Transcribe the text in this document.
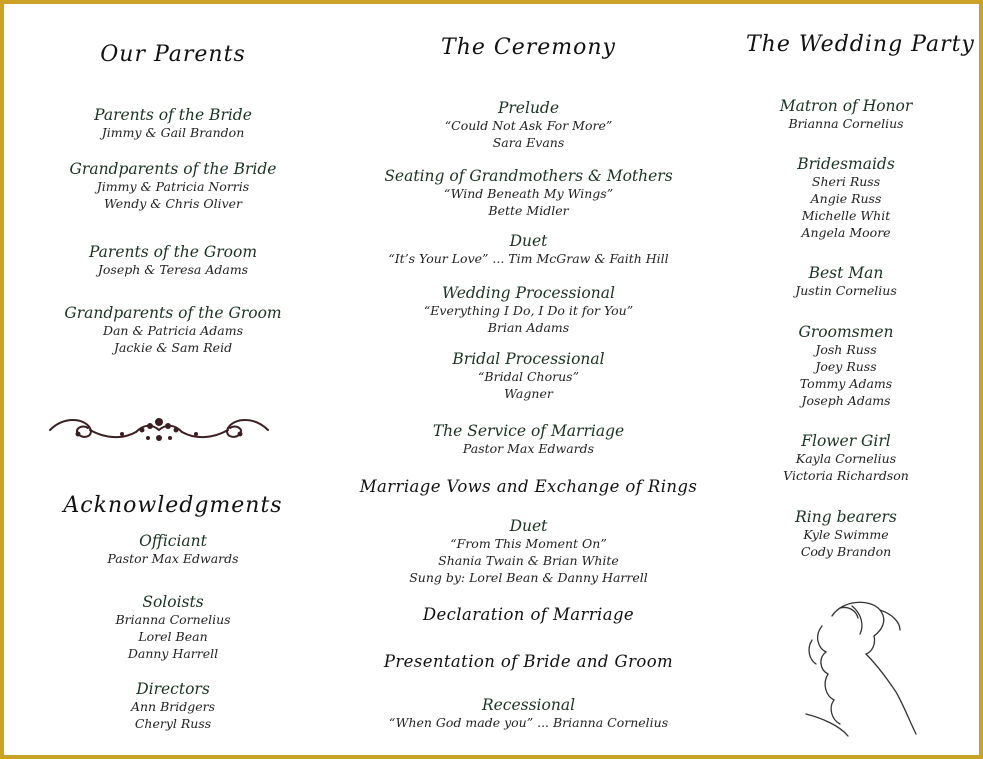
Our Parents
Parents of the Bride
Jimmy & Gail Brandon
Grandparents of the Bride
Jimmy & Patricia Norris
Wendy & Chris Oliver
Parents of the Groom
Joseph & Teresa Adams
Grandparents of the Groom
Dan & Patricia Adams
Jackie & Sam Reid
Acknowledgments
Officiant
Pastor Max Edwards
Soloists
Brianna Cornelius
Lorel Bean
Danny Harrell
Directors
Ann Bridgers
Cheryl Russ
The Ceremony
Prelude
“Could Not Ask For More”
Sara Evans
Seating of Grandmothers & Mothers
“Wind Beneath My Wings”
Bette Midler
Duet
“It’s Your Love” ... Tim McGraw & Faith Hill
Wedding Processional
“Everything I Do, I Do it for You”
Brian Adams
Bridal Processional
“Bridal Chorus”
Wagner
The Service of Marriage
Pastor Max Edwards
Marriage Vows and Exchange of Rings
Duet
“From This Moment On”
Shania Twain & Brian White
Sung by: Lorel Bean & Danny Harrell
Declaration of Marriage
Presentation of Bride and Groom
Recessional
“When God made you” ... Brianna Cornelius
The Wedding Party
Matron of Honor
Brianna Cornelius
Bridesmaids
Sheri Russ
Angie Russ
Michelle Whit
Angela Moore
Best Man
Justin Cornelius
Groomsmen
Josh Russ
Joey Russ
Tommy Adams
Joseph Adams
Flower Girl
Kayla Cornelius
Victoria Richardson
Ring bearers
Kyle Swimme
Cody Brandon
